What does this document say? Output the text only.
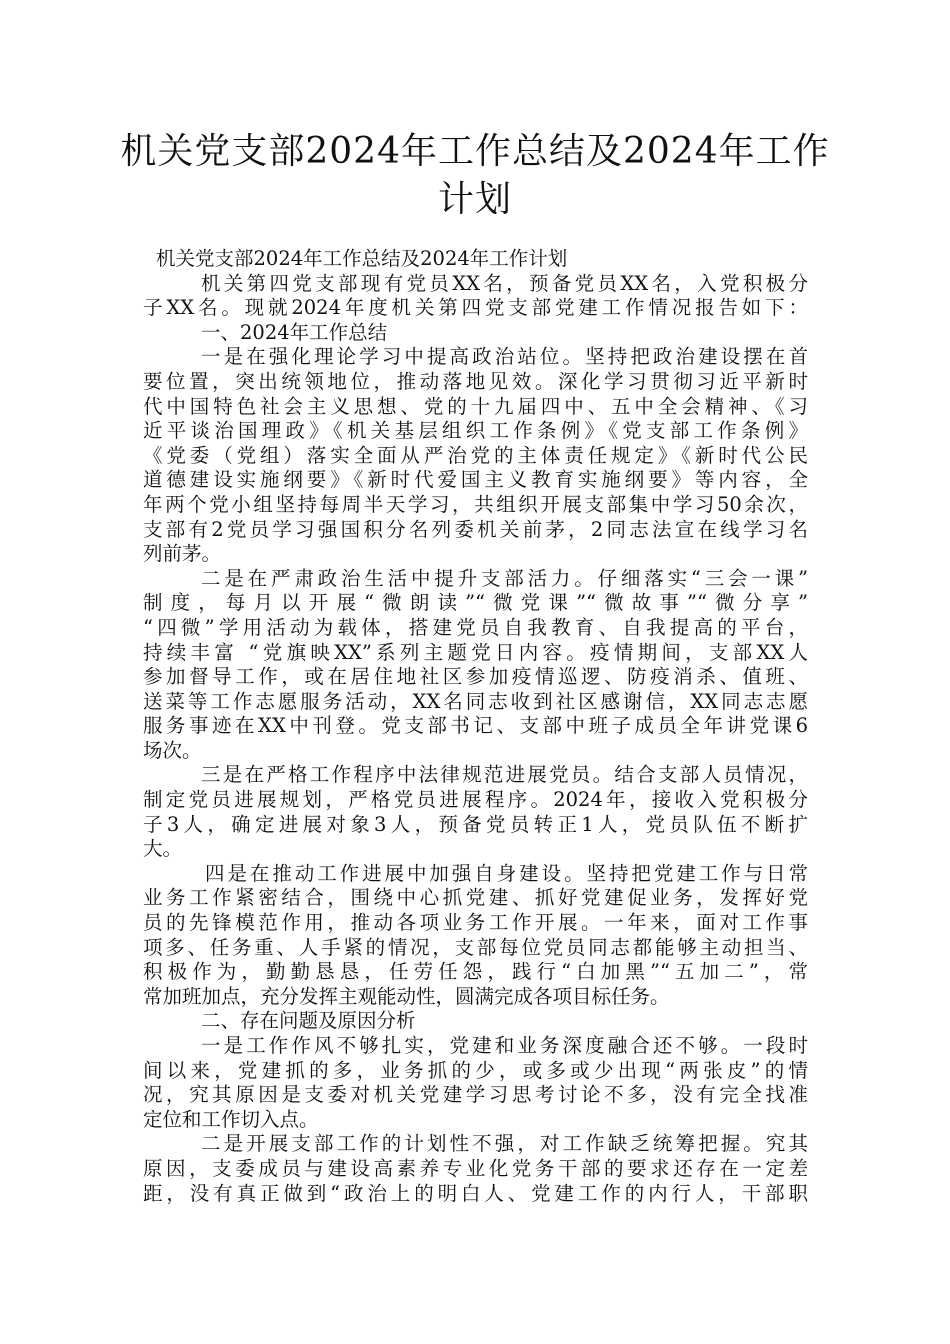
机关党支部2024年工作总结及2024年工作
计划
机关党支部2024年工作总结及2024年工作计划
机关第四党支部现有党员XX名，预备党员XX名，入党积极分
子XX名。现就2024年度机关第四党支部党建工作情况报告如下：
一、2024年工作总结
一是在强化理论学习中提高政治站位。坚持把政治建设摆在首
要位置，突出统领地位，推动落地见效。深化学习贯彻习近平新时
代中国特色社会主义思想、党的十九届四中、五中全会精神、《习
近平谈治国理政》《机关基层组织工作条例》《党支部工作条例》
《党委（党组）落实全面从严治党的主体责任规定》《新时代公民
道德建设实施纲要》《新时代爱国主义教育实施纲要》等内容，全
年两个党小组坚持每周半天学习，共组织开展支部集中学习50余次，
支部有2党员学习强国积分名列委机关前茅，2同志法宣在线学习名
列前茅。
二是在严肃政治生活中提升支部活力。仔细落实“三会一课”
制度，每月以开展“微朗读”“微党课”“微故事”“微分享”
“四微”学用活动为载体，搭建党员自我教育、自我提高的平台，
持续丰富 “党旗映XX”系列主题党日内容。疫情期间，支部XX人
参加督导工作，或在居住地社区参加疫情巡逻、防疫消杀、值班、
送菜等工作志愿服务活动，XX名同志收到社区感谢信，XX同志志愿
服务事迹在XX中刊登。党支部书记、支部中班子成员全年讲党课6
场次。
三是在严格工作程序中法律规范进展党员。结合支部人员情况，
制定党员进展规划，严格党员进展程序。2024年，接收入党积极分
子3人，确定进展对象3人，预备党员转正1人，党员队伍不断扩
大。
四是在推动工作进展中加强自身建设。坚持把党建工作与日常
业务工作紧密结合，围绕中心抓党建、抓好党建促业务，发挥好党
员的先锋模范作用，推动各项业务工作开展。一年来，面对工作事
项多、任务重、人手紧的情况，支部每位党员同志都能够主动担当、
积极作为，勤勤恳恳，任劳任怨，践行“白加黑”“五加二”，常
常加班加点，充分发挥主观能动性，圆满完成各项目标任务。
二、存在问题及原因分析
一是工作作风不够扎实，党建和业务深度融合还不够。一段时
间以来，党建抓的多，业务抓的少，或多或少出现“两张皮”的情
况，究其原因是支委对机关党建学习思考讨论不多，没有完全找准
定位和工作切入点。
二是开展支部工作的计划性不强，对工作缺乏统筹把握。究其
原因，支委成员与建设高素养专业化党务干部的要求还存在一定差
距，没有真正做到“政治上的明白人、党建工作的内行人，干部职
